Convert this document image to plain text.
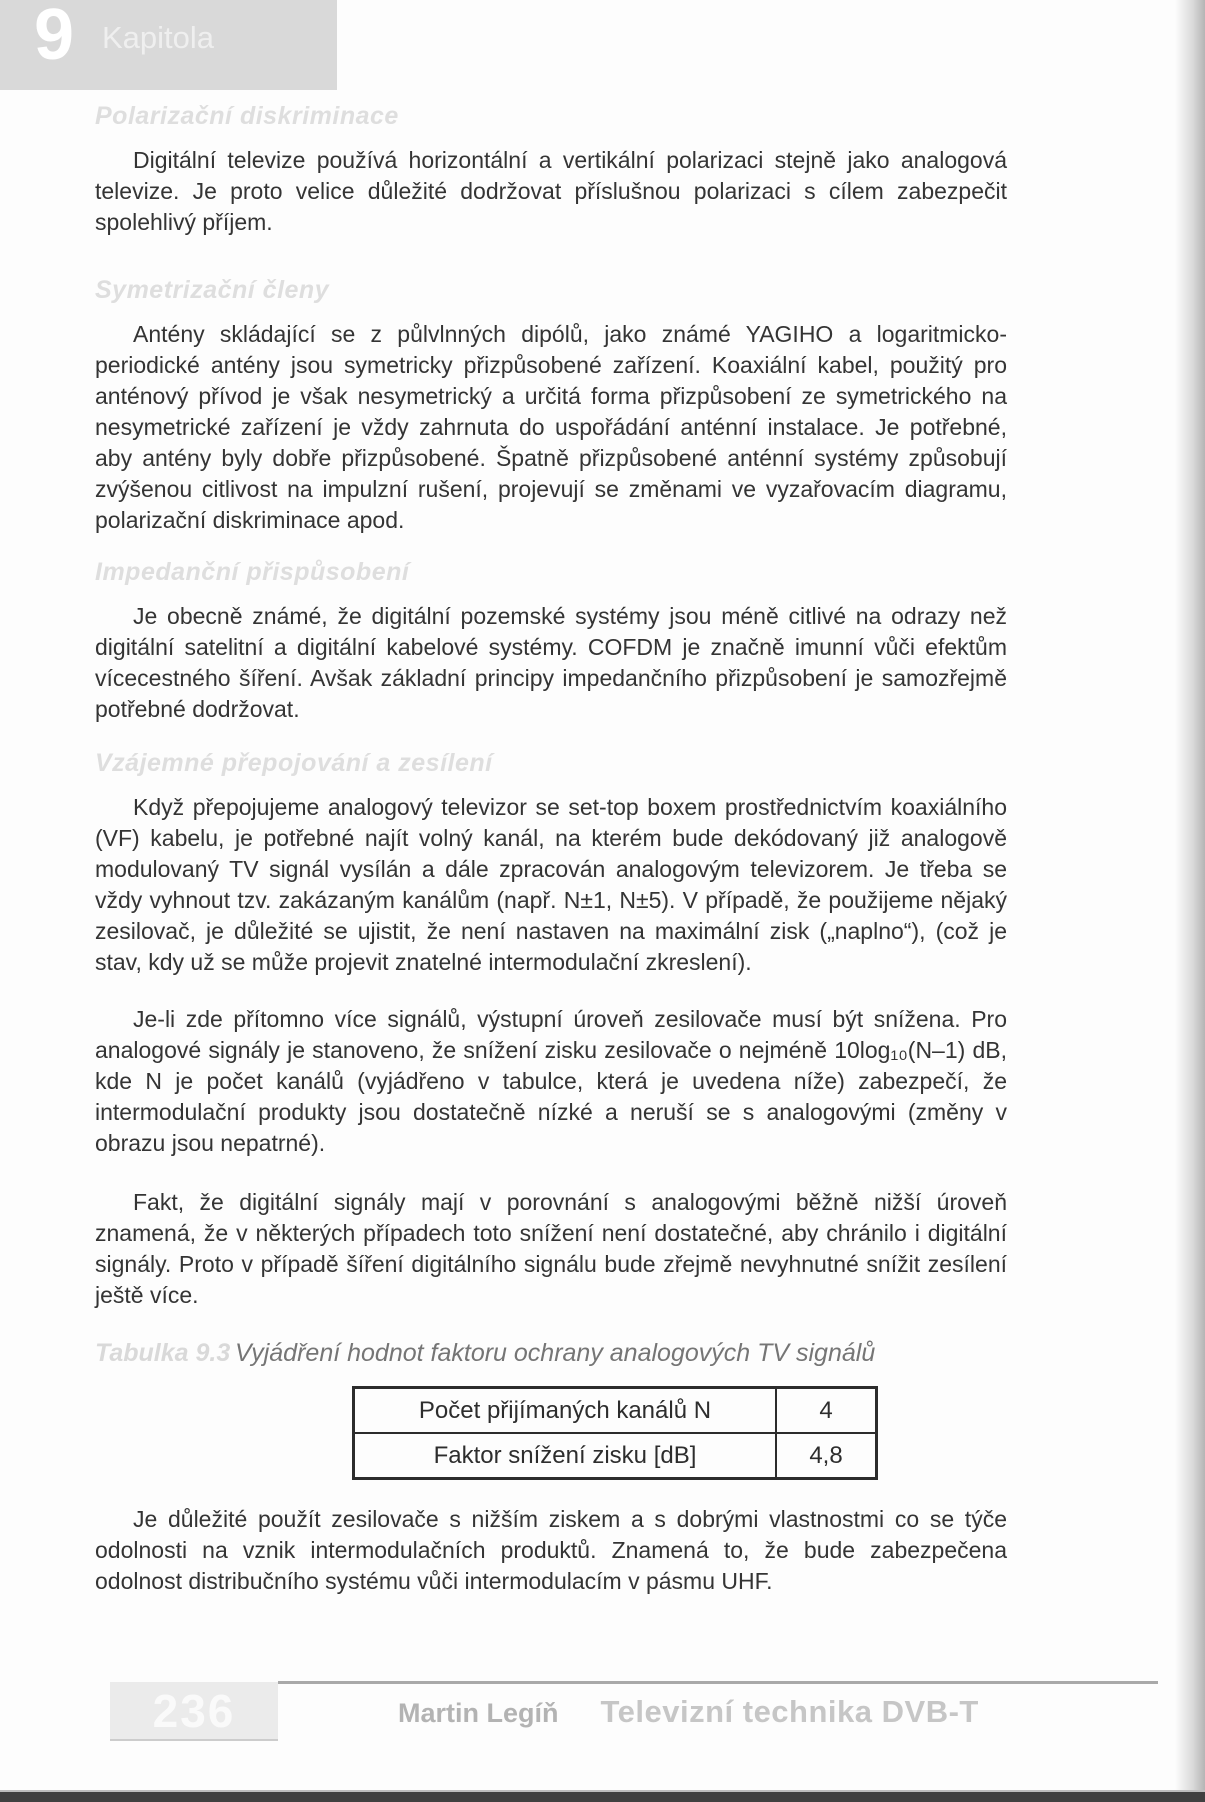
9 Kapitola
Polarizační diskriminace

Digitální televize používá horizontální a vertikální polarizaci stejně jako analogová televize. Je proto velice důležité dodržovat příslušnou polarizaci s cílem zabezpečit spolehlivý příjem.

Symetrizační členy

Antény skládající se z půlvlnných dipólů, jako známé YAGIHO a logaritmicko-periodické antény jsou symetricky přizpůsobené zařízení. Koaxiální kabel, použitý pro anténový přívod je však nesymetrický a určitá forma přizpůsobení ze symetrického na nesymetrické zařízení je vždy zahrnuta do uspořádání anténní instalace. Je potřebné, aby antény byly dobře přizpůsobené. Špatně přizpůsobené anténní systémy způsobují zvýšenou citlivost na impulzní rušení, projevují se změnami ve vyzařovacím diagramu, polarizační diskriminace apod.

Impedanční přispůsobení

Je obecně známé, že digitální pozemské systémy jsou méně citlivé na odrazy než digitální satelitní a digitální kabelové systémy. COFDM je značně imunní vůči efektům vícecestného šíření. Avšak základní principy impedančního přizpůsobení je samozřejmě potřebné dodržovat.

Vzájemné přepojování a zesílení

Když přepojujeme analogový televizor se set-top boxem prostřednictvím koaxiálního (VF) kabelu, je potřebné najít volný kanál, na kterém bude dekódovaný již analogově modulovaný TV signál vysílán a dále zpracován analogovým televizorem. Je třeba se vždy vyhnout tzv. zakázaným kanálům (např. N±1, N±5). V případě, že použijeme nějaký zesilovač, je důležité se ujistit, že není nastaven na maximální zisk („naplno“), (což je stav, kdy už se může projevit znatelné intermodulační zkreslení).

Je-li zde přítomno více signálů, výstupní úroveň zesilovače musí být snížena. Pro analogové signály je stanoveno, že snížení zisku zesilovače o nejméně 10log₁₀(N–1) dB, kde N je počet kanálů (vyjádřeno v tabulce, která je uvedena níže) zabezpečí, že intermodulační produkty jsou dostatečně nízké a neruší se s analogovými (změny v obrazu jsou nepatrné).

Fakt, že digitální signály mají v porovnání s analogovými běžně nižší úroveň znamená, že v některých případech toto snížení není dostatečné, aby chránilo i digitální signály. Proto v případě šíření digitálního signálu bude zřejmě nevyhnutné snížit zesílení ještě více.

Tabulka 9.3 Vyjádření hodnot faktoru ochrany analogových TV signálů
Počet přijímaných kanálů N	4
Faktor snížení zisku [dB]	4,8

Je důležité použít zesilovače s nižším ziskem a s dobrými vlastnostmi co se týče odolnosti na vznik intermodulačních produktů. Znamená to, že bude zabezpečena odolnost distribučního systému vůči intermodulacím v pásmu UHF.

236	Martin Legíň Televizní technika DVB-T
